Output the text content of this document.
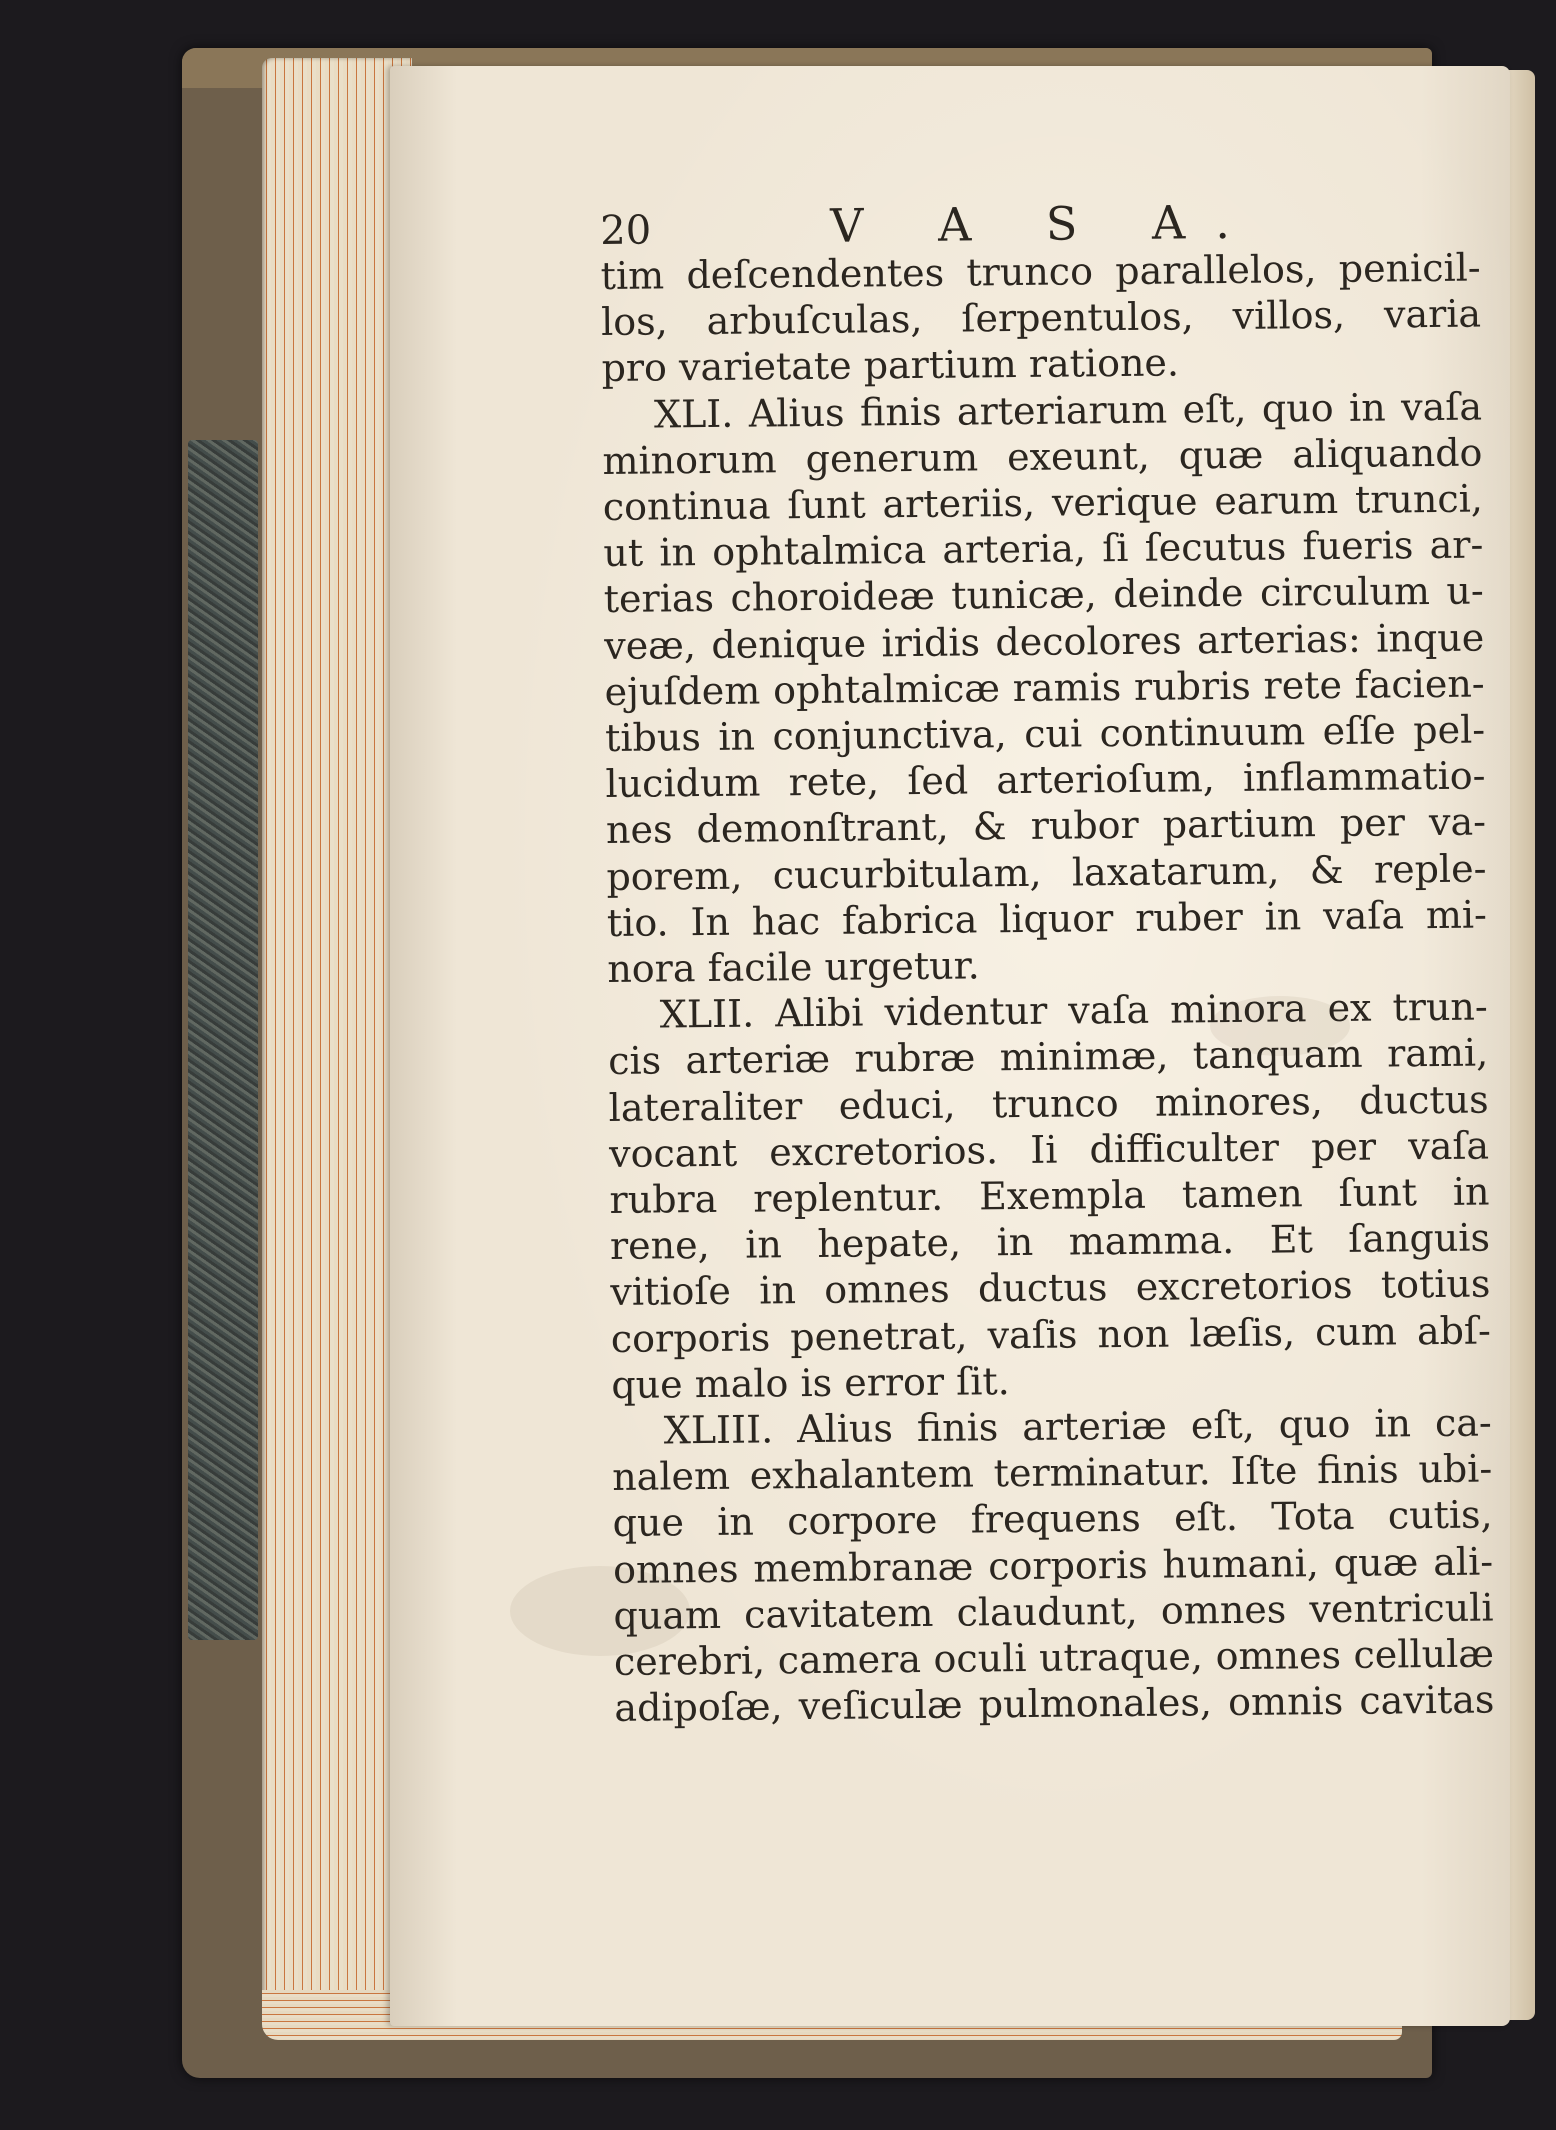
20	V A S A.
tim deſcendentes trunco parallelos, penicil-
los, arbuſculas, ſerpentulos, villos, varia
pro varietate partium ratione.
XLI. Alius finis arteriarum eſt, quo in vaſa
minorum generum exeunt, quæ aliquando
continua ſunt arteriis, verique earum trunci,
ut in ophtalmica arteria, ſi ſecutus fueris ar-
terias choroideæ tunicæ, deinde circulum u-
veæ, denique iridis decolores arterias: inque
ejuſdem ophtalmicæ ramis rubris rete facien-
tibus in conjunctiva, cui continuum eſſe pel-
lucidum rete, ſed arterioſum, inflammatio-
nes demonſtrant, & rubor partium per va-
porem, cucurbitulam, laxatarum, & reple-
tio. In hac fabrica liquor ruber in vaſa mi-
nora facile urgetur.
XLII. Alibi videntur vaſa minora ex trun-
cis arteriæ rubræ minimæ, tanquam rami,
lateraliter educi, trunco minores, ductus
vocant excretorios. Ii difficulter per vaſa
rubra replentur. Exempla tamen ſunt in
rene, in hepate, in mamma. Et ſanguis
vitioſe in omnes ductus excretorios totius
corporis penetrat, vaſis non læſis, cum abſ-
que malo is error ſit.
XLIII. Alius finis arteriæ eſt, quo in ca-
nalem exhalantem terminatur. Iſte finis ubi-
que in corpore frequens eſt. Tota cutis,
omnes membranæ corporis humani, quæ ali-
quam cavitatem claudunt, omnes ventriculi
cerebri, camera oculi utraque, omnes cellulæ
adipoſæ, veſiculæ pulmonales, omnis cavitas
